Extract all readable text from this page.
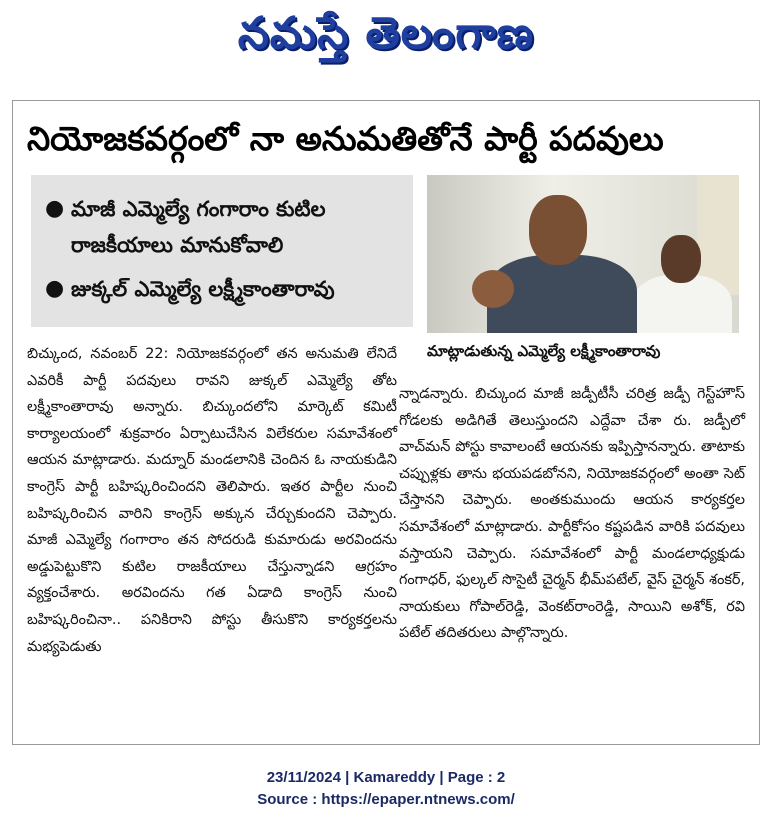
నమస్తే తెలంగాణ
నియోజకవర్గంలో నా అనుమతితోనే పార్టీ పదవులు
● మాజీ ఎమ్మెల్యే గంగారాం కుటిల రాజకీయాలు మానుకోవాలి
● జుక్కల్ ఎమ్మెల్యే లక్ష్మీకాంతారావు
మాట్లాడుతున్న ఎమ్మెల్యే లక్ష్మీకాంతారావు
బిచ్కుంద, నవంబర్ 22: నియోజకవర్గంలో తన అనుమతి లేనిదే ఎవరికీ పార్టీ పదవులు రావని జుక్కల్ ఎమ్మెల్యే తోట లక్ష్మీకాంతారావు అన్నారు. బిచ్కుందలోని మార్కెట్ కమిటీ కార్యాలయంలో శుక్రవారం ఏర్పాటుచేసిన విలేకరుల సమావేశంలో ఆయన మాట్లాడారు. మద్నూర్ మండలానికి చెందిన ఓ నాయకుడిని కాంగ్రెస్ పార్టీ బహిష్కరించిందని తెలిపారు. ఇతర పార్టీల నుంచి బహిష్కరించిన వారిని కాంగ్రెస్ అక్కున చేర్చుకుందని చెప్పారు. మాజీ ఎమ్మెల్యే గంగారాం తన సోదరుడి కుమారుడు అరవిందను అడ్డుపెట్టుకొని కుటిల రాజకీయాలు చేస్తున్నాడని ఆగ్రహం వ్యక్తంచేశారు. అరవిందను గత ఏడాది కాంగ్రెస్ నుంచి బహిష్కరించినా.. పనికిరాని పోస్టు తీసుకొని కార్యకర్తలను మభ్యపెడుతు
న్నాడన్నారు. బిచ్కుంద మాజీ జడ్పీటీసీ చరిత్ర జడ్పీ గెస్ట్‌హౌస్ గోడలకు అడిగితే తెలుస్తుందని ఎద్దేవా చేశా రు. జడ్పీలో వాచ్‌మన్ పోస్టు కావాలంటే ఆయనకు ఇప్పిస్తానన్నారు. తాటాకు చప్పుళ్లకు తాను భయపడబోనని, నియోజకవర్గంలో అంతా సెట్ చేస్తానని చెప్పారు. అంతకుముందు ఆయన కార్యకర్తల సమావేశంలో మాట్లాడారు. పార్టీకోసం కష్టపడిన వారికి పదవులు వస్తాయని చెప్పారు. సమావేశంలో పార్టీ మండలాధ్యక్షుడు గంగాధర్, ఫుల్కల్ సొసైటీ చైర్మన్ భీమ్‌పటేల్, వైస్ చైర్మన్ శంకర్, నాయకులు గోపాల్‌రెడ్డి, వెంకట్‌రాంరెడ్డి, సాయిని అశోక్, రవి పటేల్ తదితరులు పాల్గొన్నారు.
23/11/2024 | Kamareddy | Page : 2
Source : https://epaper.ntnews.com/
